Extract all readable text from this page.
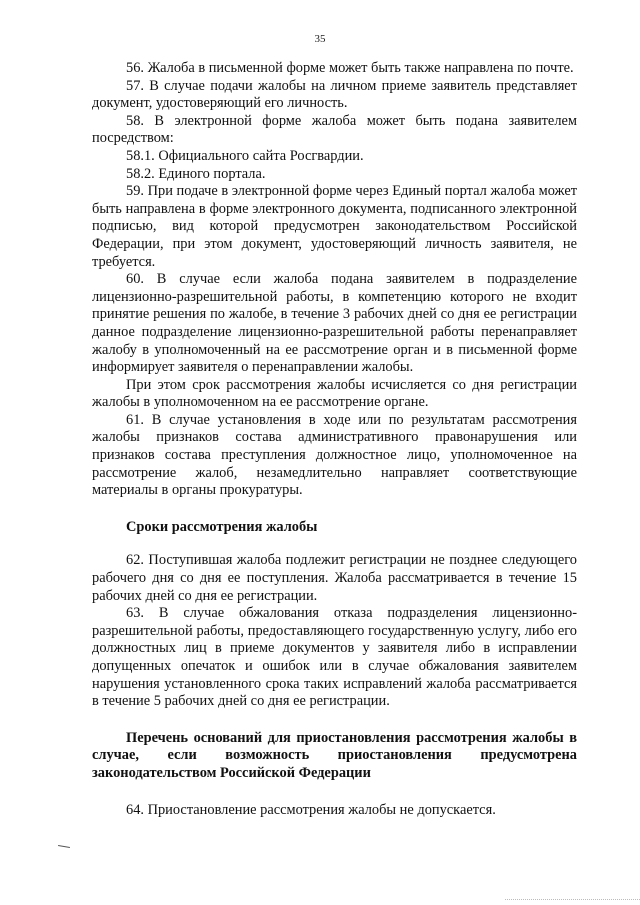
35

56. Жалоба в письменной форме может быть также направлена по почте.

57. В случае подачи жалобы на личном приеме заявитель представляет документ, удостоверяющий его личность.

58. В электронной форме жалоба может быть подана заявителем посредством:

58.1. Официального сайта Росгвардии.

58.2. Единого портала.

59. При подаче в электронной форме через Единый портал жалоба может быть направлена в форме электронного документа, подписанного электронной подписью, вид которой предусмотрен законодательством Российской Федерации, при этом документ, удостоверяющий личность заявителя, не требуется.

60. В случае если жалоба подана заявителем в подразделение лицензионно-разрешительной работы, в компетенцию которого не входит принятие решения по жалобе, в течение 3 рабочих дней со дня ее регистрации данное подразделение лицензионно-разрешительной работы перенаправляет жалобу в уполномоченный на ее рассмотрение орган и в письменной форме информирует заявителя о перенаправлении жалобы.

При этом срок рассмотрения жалобы исчисляется со дня регистрации жалобы в уполномоченном на ее рассмотрение органе.

61. В случае установления в ходе или по результатам рассмотрения жалобы признаков состава административного правонарушения или признаков состава преступления должностное лицо, уполномоченное на рассмотрение жалоб, незамедлительно направляет соответствующие материалы в органы прокуратуры.

Сроки рассмотрения жалобы

62. Поступившая жалоба подлежит регистрации не позднее следующего рабочего дня со дня ее поступления. Жалоба рассматривается в течение 15 рабочих дней со дня ее регистрации.

63. В случае обжалования отказа подразделения лицензионно-разрешительной работы, предоставляющего государственную услугу, либо его должностных лиц в приеме документов у заявителя либо в исправлении допущенных опечаток и ошибок или в случае обжалования заявителем нарушения установленного срока таких исправлений жалоба рассматривается в течение 5 рабочих дней со дня ее регистрации.

Перечень оснований для приостановления рассмотрения жалобы в случае, если возможность приостановления предусмотрена законодательством Российской Федерации

64. Приостановление рассмотрения жалобы не допускается.
